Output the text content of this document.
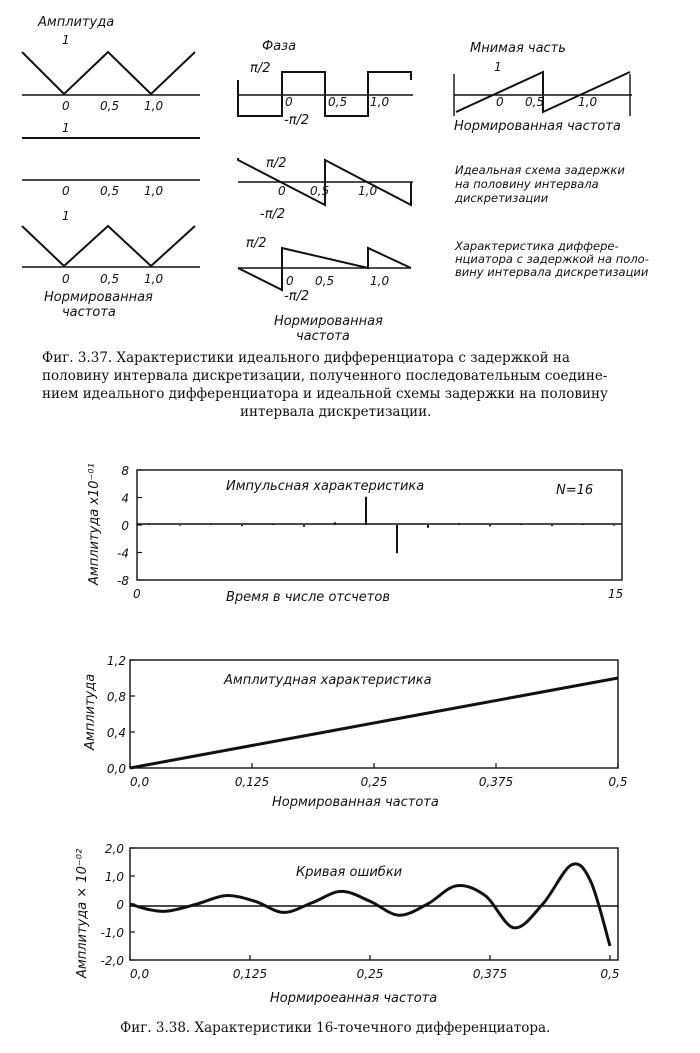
Амплитуда
1
0	0,5 1,0
1
0	0,5 1,0
1
0	0,5 1,0
Нормированная
частота
Фаза
π/2
0	0,5 1,0
-π/2
π/2
0 0,5 1,0
-π/2
π/2
0 0,5	1,0
-π/2
Нормированная
частота
Мнимая часть
1
0 0,5	1,0
Нормированная частота
Идеальная схема задержки
на половину интервала
дискретизации
Характеристика диффере-
нциатора с задержкой на поло-
вину интервала дискретизации
Фиг. 3.37. Характеристики идеального дифференциатора с задержкой на
половину интервала дискретизации, полученного последовательным соедине-
нием идеального дифференциатора и идеальной схемы задержки на половину
интервала дискретизации.
Импульсная характеристика	N=16
Амплитуда x10⁻⁰¹
Время в числе отсчетов
8
4
0
-4
-8
0	15
Амплитудная характеристика
Амплитуда
Нормированная частота
1,2
0,8
0,4
0,0
0,0	0,125	0,25	0,375	0,5
Кривая ошибки
Амплитуда × 10⁻⁰²
Нормироеанная частота
2,0
1,0
0
-1,0
-2,0
0,0	0,125	0,25	0,375	0,5
Фиг. 3.38. Характеристики 16-точечного дифференциатора.
